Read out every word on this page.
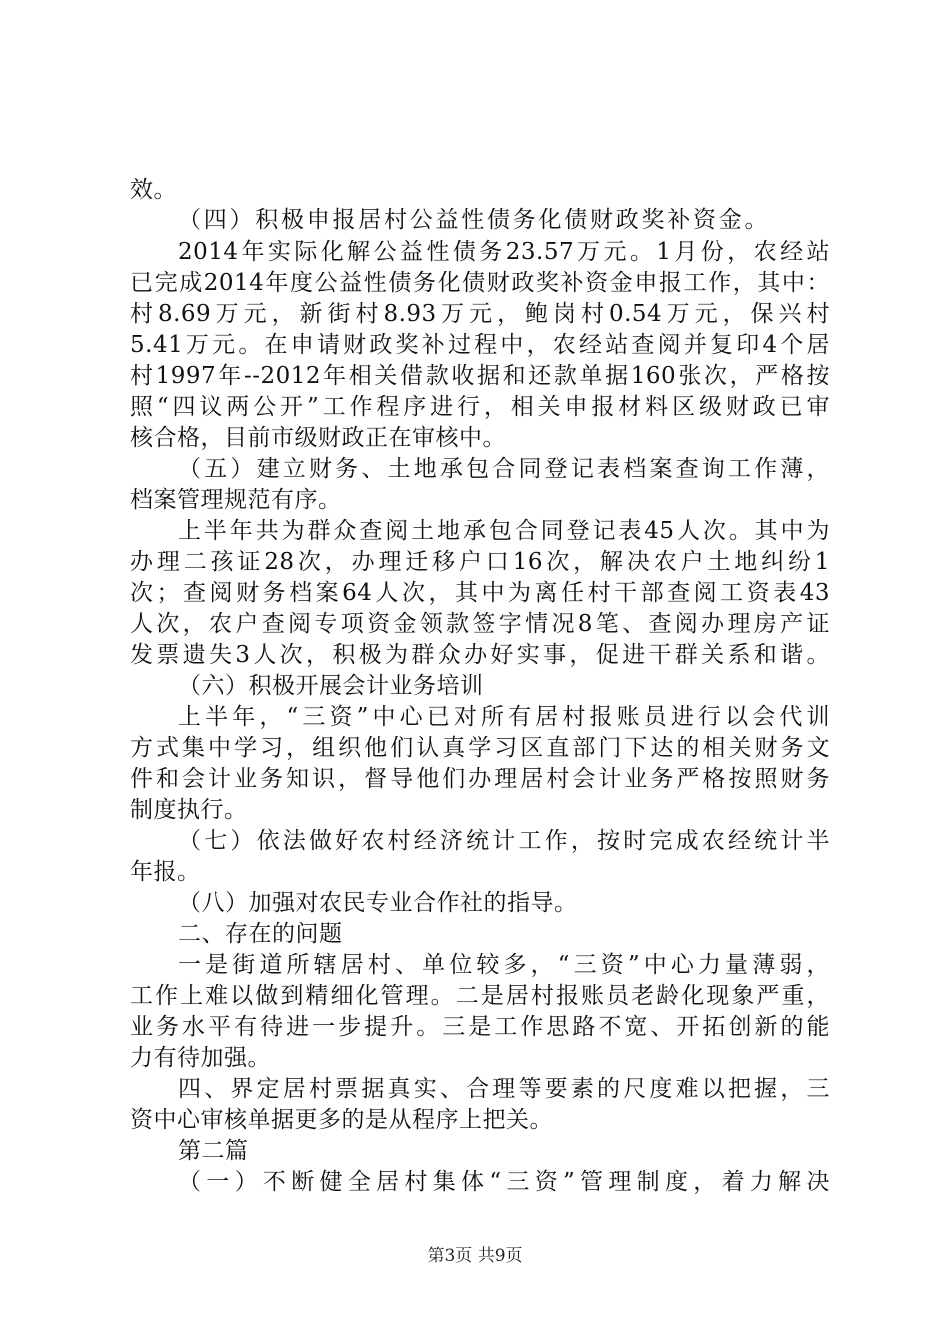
效。
（四）积极申报居村公益性债务化债财政奖补资金。
2014年实际化解公益性债务23.57万元。1月份，农经站
已完成2014年度公益性债务化债财政奖补资金申报工作，其中：
村8.69万元，新街村8.93万元，鲍岗村0.54万元，保兴村
5.41万元。在申请财政奖补过程中，农经站查阅并复印4个居
村1997年--2012年相关借款收据和还款单据160张次，严格按
照“四议两公开”工作程序进行，相关申报材料区级财政已审
核合格，目前市级财政正在审核中。
（五）建立财务、土地承包合同登记表档案查询工作薄，
档案管理规范有序。
上半年共为群众查阅土地承包合同登记表45人次。其中为
办理二孩证28次，办理迁移户口16次，解决农户土地纠纷1
次；查阅财务档案64人次，其中为离任村干部查阅工资表43
人次，农户查阅专项资金领款签字情况8笔、查阅办理房产证
发票遗失3人次，积极为群众办好实事，促进干群关系和谐。
（六）积极开展会计业务培训
上半年，“三资”中心已对所有居村报账员进行以会代训
方式集中学习，组织他们认真学习区直部门下达的相关财务文
件和会计业务知识，督导他们办理居村会计业务严格按照财务
制度执行。
（七）依法做好农村经济统计工作，按时完成农经统计半
年报。
（八）加强对农民专业合作社的指导。
二、存在的问题
一是街道所辖居村、单位较多，“三资”中心力量薄弱，
工作上难以做到精细化管理。二是居村报账员老龄化现象严重，
业务水平有待进一步提升。三是工作思路不宽、开拓创新的能
力有待加强。
四、界定居村票据真实、合理等要素的尺度难以把握，三
资中心审核单据更多的是从程序上把关。
第二篇
（一）不断健全居村集体“三资”管理制度，着力解决
第3页 共9页
